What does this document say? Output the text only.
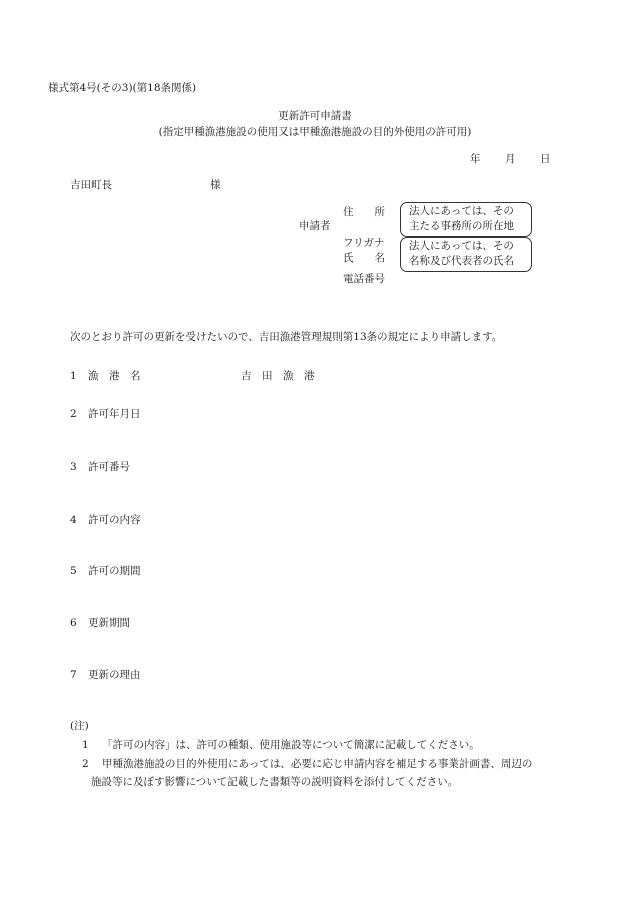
様式第4号(その3)(第18条関係)
更新許可申請書
(指定甲種漁港施設の使用又は甲種漁港施設の目的外使用の許可用)
年 月 日
吉田町長	様
申請者
住　　所 法人にあっては、その
主たる事務所の所在地
フリガナ
氏　　名
法人にあっては、その
名称及び代表者の氏名
電話番号
次のとおり許可の更新を受けたいので、吉田漁港管理規則第13条の規定により申請します。
1 漁　港　名	吉　田　漁　港
2 許可年月日
3 許可番号
4 許可の内容
5 許可の期間
6 更新期間
7 更新の理由
(注)
1 「許可の内容」は、許可の種類、使用施設等について簡潔に記載してください。
2 甲種漁港施設の目的外使用にあっては、必要に応じ申請内容を補足する事業計画書、周辺の
施設等に及ぼす影響について記載した書類等の説明資料を添付してください。
